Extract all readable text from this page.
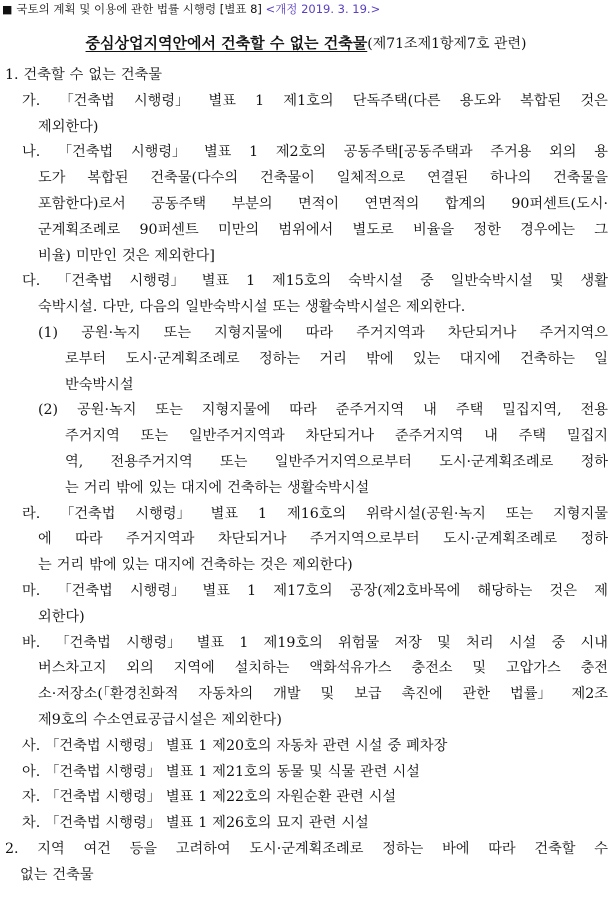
■ 국토의 계획 및 이용에 관한 법률 시행령 [별표 8] <개정 2019. 3. 19.>
중심상업지역안에서 건축할 수 없는 건축물(제71조제1항제7호 관련)
1. 건축할 수 없는 건축물
가. 「건축법 시행령」 별표 1 제1호의 단독주택(다른 용도와 복합된 것은
제외한다)
나. 「건축법 시행령」 별표 1 제2호의 공동주택[공동주택과 주거용 외의 용
도가 복합된 건축물(다수의 건축물이 일체적으로 연결된 하나의 건축물을
포함한다)로서 공동주택 부분의 면적이 연면적의 합계의 90퍼센트(도시·
군계획조례로 90퍼센트 미만의 범위에서 별도로 비율을 정한 경우에는 그
비율) 미만인 것은 제외한다]
다. 「건축법 시행령」 별표 1 제15호의 숙박시설 중 일반숙박시설 및 생활
숙박시설. 다만, 다음의 일반숙박시설 또는 생활숙박시설은 제외한다.
(1) 공원·녹지 또는 지형지물에 따라 주거지역과 차단되거나 주거지역으
로부터 도시·군계획조례로 정하는 거리 밖에 있는 대지에 건축하는 일
반숙박시설
(2) 공원·녹지 또는 지형지물에 따라 준주거지역 내 주택 밀집지역, 전용
주거지역 또는 일반주거지역과 차단되거나 준주거지역 내 주택 밀집지
역, 전용주거지역 또는 일반주거지역으로부터 도시·군계획조례로 정하
는 거리 밖에 있는 대지에 건축하는 생활숙박시설
라. 「건축법 시행령」 별표 1 제16호의 위락시설(공원·녹지 또는 지형지물
에 따라 주거지역과 차단되거나 주거지역으로부터 도시·군계획조례로 정하
는 거리 밖에 있는 대지에 건축하는 것은 제외한다)
마. 「건축법 시행령」 별표 1 제17호의 공장(제2호바목에 해당하는 것은 제
외한다)
바. 「건축법 시행령」 별표 1 제19호의 위험물 저장 및 처리 시설 중 시내
버스차고지 외의 지역에 설치하는 액화석유가스 충전소 및 고압가스 충전
소·저장소(「환경친화적 자동차의 개발 및 보급 촉진에 관한 법률」 제2조
제9호의 수소연료공급시설은 제외한다)
사. 「건축법 시행령」 별표 1 제20호의 자동차 관련 시설 중 폐차장
아. 「건축법 시행령」 별표 1 제21호의 동물 및 식물 관련 시설
자. 「건축법 시행령」 별표 1 제22호의 자원순환 관련 시설
차. 「건축법 시행령」 별표 1 제26호의 묘지 관련 시설
2. 지역 여건 등을 고려하여 도시·군계획조례로 정하는 바에 따라 건축할 수
없는 건축물
